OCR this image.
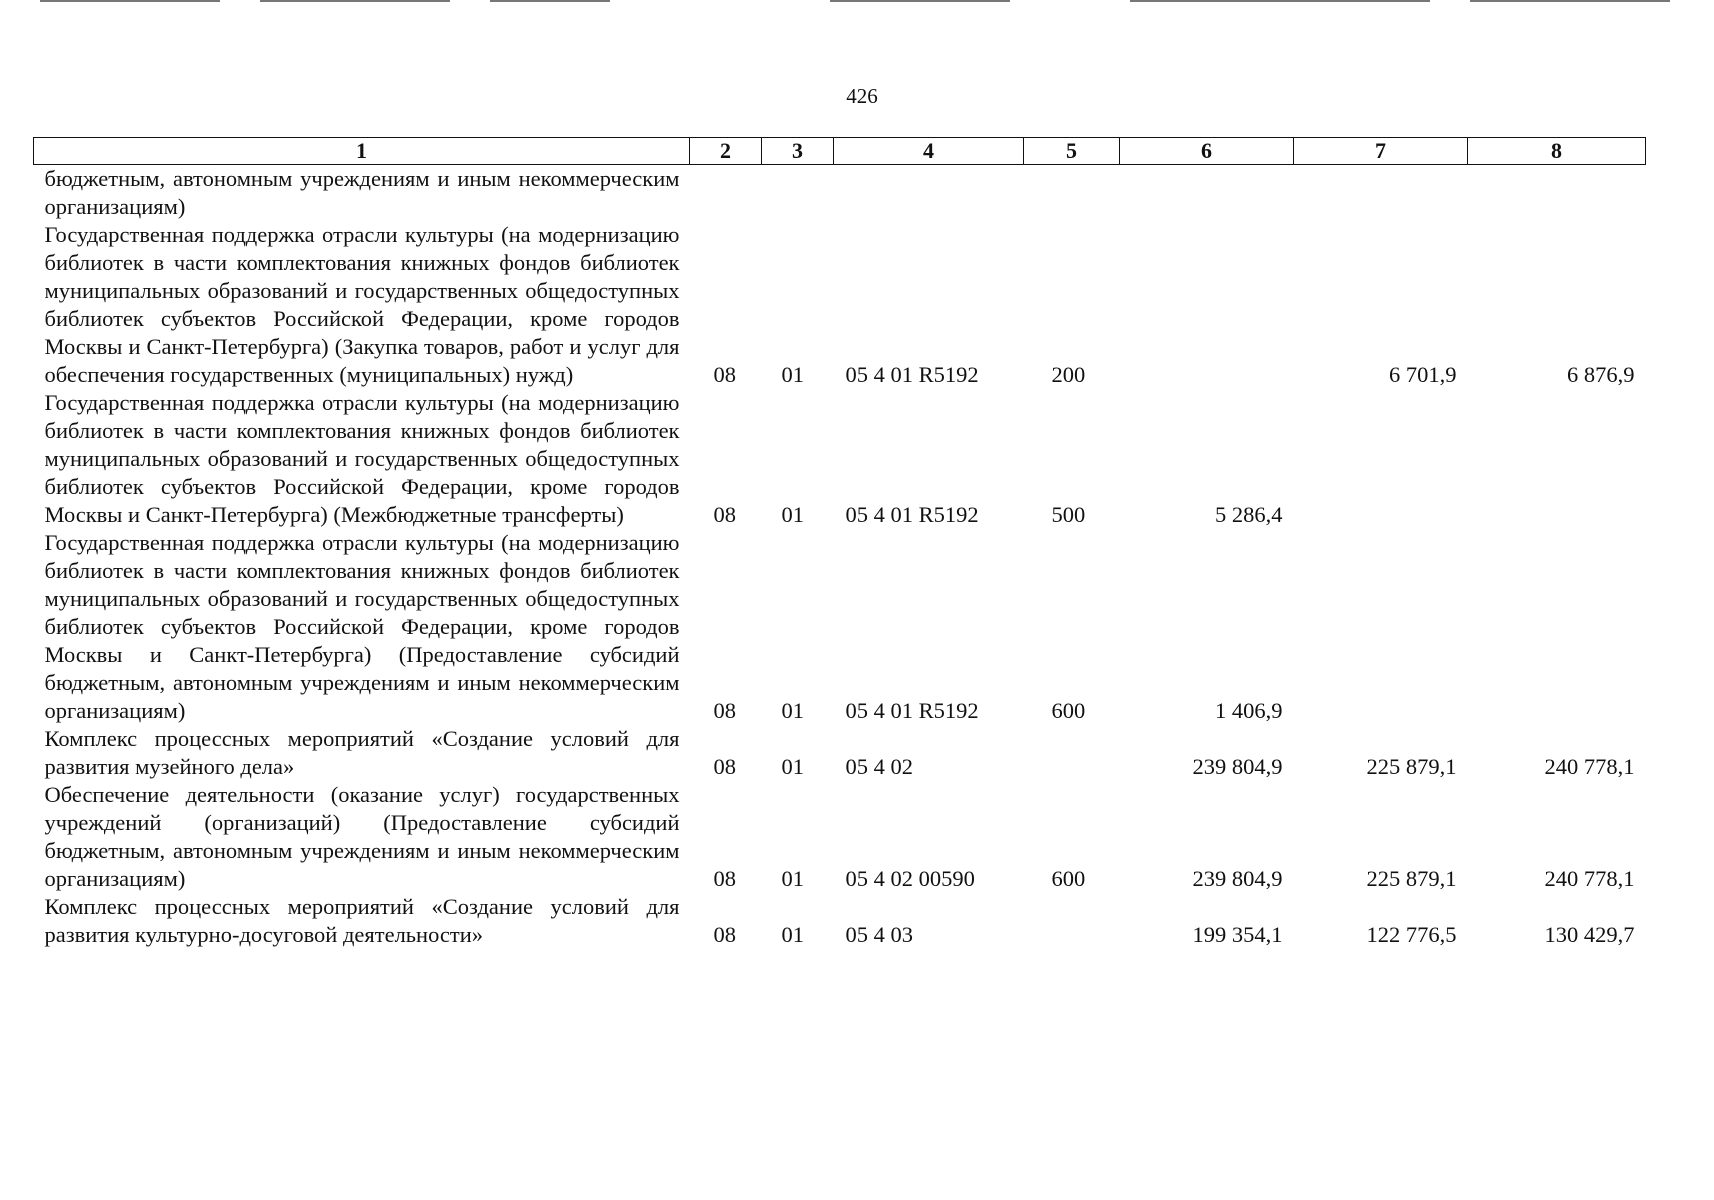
426
1	2	3	4	5	6	7	8
бюджетным, автономным учреждениям и иным некоммерческим организациям)							
Государственная поддержка отрасли культуры (на модернизацию библиотек в части комплектования книжных фондов библиотек муниципальных образований и государственных общедоступных библиотек субъектов Российской Федерации, кроме городов Москвы и Санкт-Петербурга) (Закупка товаров, работ и услуг для обеспечения государственных (муниципальных) нужд)	08	01	05 4 01 R5192	200		6 701,9	6 876,9
Государственная поддержка отрасли культуры (на модернизацию библиотек в части комплектования книжных фондов библиотек муниципальных образований и государственных общедоступных библиотек субъектов Российской Федерации, кроме городов Москвы и Санкт-Петербурга) (Межбюджетные трансферты)	08	01	05 4 01 R5192	500	5 286,4		
Государственная поддержка отрасли культуры (на модернизацию библиотек в части комплектования книжных фондов библиотек муниципальных образований и государственных общедоступных библиотек субъектов Российской Федерации, кроме городов Москвы и Санкт-Петербурга) (Предоставление субсидий бюджетным, автономным учреждениям и иным некоммерческим организациям)	08	01	05 4 01 R5192	600	1 406,9		
Комплекс процессных мероприятий «Создание условий для развития музейного дела»	08	01	05 4 02		239 804,9	225 879,1	240 778,1
Обеспечение деятельности (оказание услуг) государственных учреждений (организаций) (Предоставление субсидий бюджетным, автономным учреждениям и иным некоммерческим организациям)	08	01	05 4 02 00590	600	239 804,9	225 879,1	240 778,1
Комплекс процессных мероприятий «Создание условий для развития культурно-досуговой деятельности»	08	01	05 4 03		199 354,1	122 776,5	130 429,7
